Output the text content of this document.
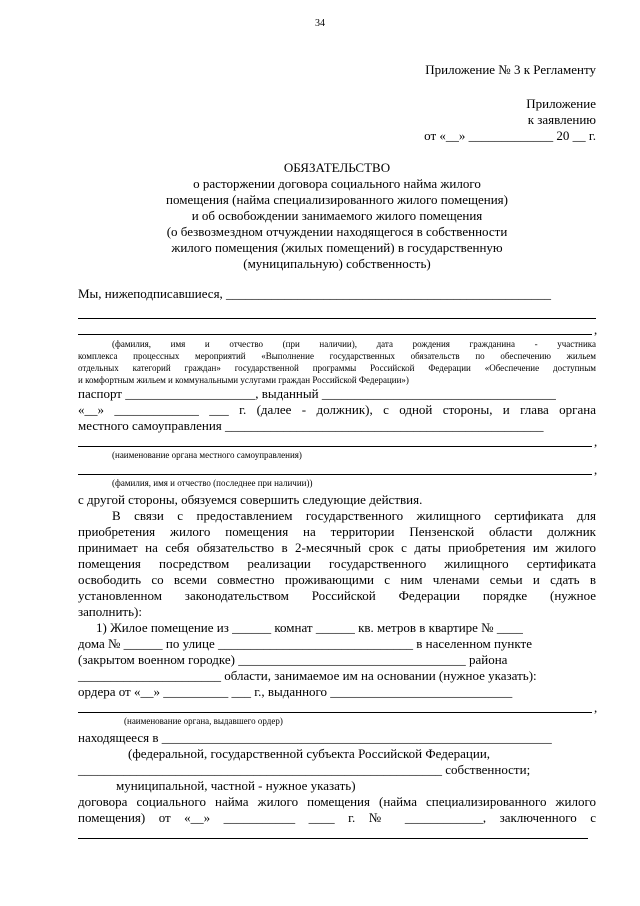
34
Приложение № 3 к Регламенту
Приложение
к заявлению
от «__» _____________ 20 __ г.
ОБЯЗАТЕЛЬСТВО
о расторжении договора социального найма жилого
помещения (найма специализированного жилого помещения)
и об освобождении занимаемого жилого помещения
(о безвозмездном отчуждении находящегося в собственности
жилого помещения (жилых помещений) в государственную
(муниципальную) собственность)
Мы, нижеподписавшиеся, __________________________________________________
,
(фамилия, имя и отчество (при наличии), дата рождения гражданина - участника
комплекса процессных мероприятий «Выполнение государственных обязательств по обеспечению жильем
отдельных категорий граждан» государственной программы Российской Федерации «Обеспечение доступным
и комфортным жильем и коммунальными услугами граждан Российской Федерации»)
паспорт ____________________, выданный ____________________________________
«__» _____________ ___ г. (далее - должник), с одной стороны, и глава органа
местного самоуправления _________________________________________________
,
(наименование органа местного самоуправления)
,
(фамилия, имя и отчество (последнее при наличии))
с другой стороны, обязуемся совершить следующие действия.
В связи с предоставлением государственного жилищного сертификата для
приобретения жилого помещения на территории Пензенской области должник
принимает на себя обязательство в 2-месячный срок с даты приобретения им жилого
помещения посредством реализации государственного жилищного сертификата
освободить со всеми совместно проживающими с ним членами семьи и сдать в
установленном законодательством Российской Федерации порядке (нужное
заполнить):
1) Жилое помещение из ______ комнат ______ кв. метров в квартире № ____
дома № ______ по улице ______________________________ в населенном пункте
(закрытом военном городке) ___________________________________ района
______________________ области, занимаемое им на основании (нужное указать):
ордера от «__» __________ ___ г., выданного ____________________________
,
(наименование органа, выдавшего ордер)
находящееся в ____________________________________________________________
(федеральной, государственной субъекта Российской Федерации,
________________________________________________________ собственности;
муниципальной, частной - нужное указать)
договора социального найма жилого помещения (найма специализированного жилого
помещения) от «__» ___________ ____ г. № ____________, заключенного с
